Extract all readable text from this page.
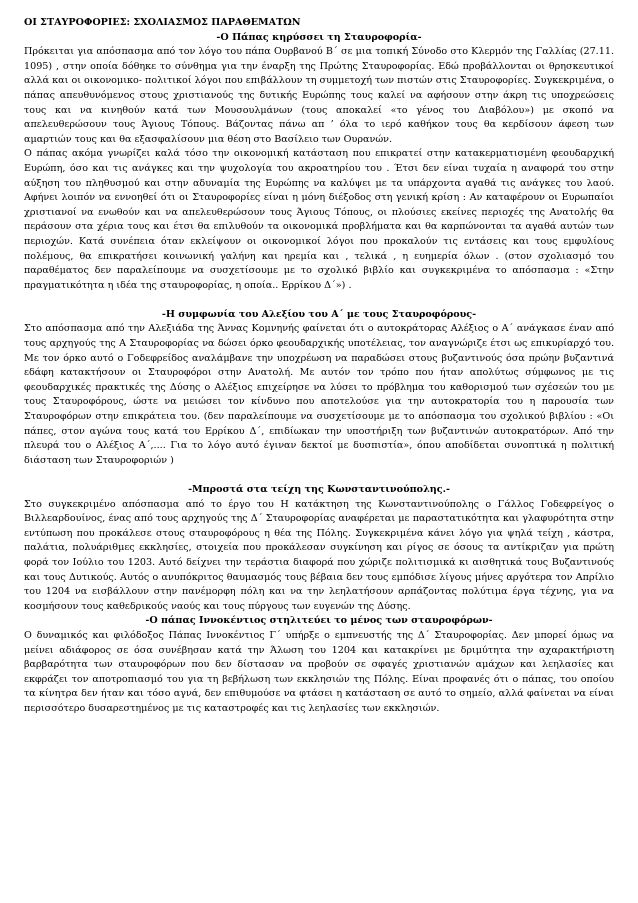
ΟΙ ΣΤΑΥΡΟΦΟΡΙΕΣ: ΣΧΟΛΙΑΣΜΟΣ ΠΑΡΑΘΕΜΑΤΩΝ

-Ο Πάπας κηρύσσει τη Σταυροφορία-

Πρόκειται για απόσπασμα από τον λόγο του πάπα Ουρβανού Β΄ σε μια τοπική Σύνοδο στο Κλερμόν της Γαλλίας (27.11. 1095) , στην οποία δόθηκε το σύνθημα για την έναρξη της Πρώτης Σταυροφορίας. Εδώ προβάλλονται οι θρησκευτικοί αλλά και οι οικονομικο- πολιτικοί λόγοι που επιβάλλουν τη συμμετοχή των πιστών στις Σταυροφορίες. Συγκεκριμένα, ο πάπας απευθυνόμενος στους χριστιανούς της δυτικής Ευρώπης τους καλεί να αφήσουν στην άκρη τις υποχρεώσεις τους και να κινηθούν κατά των Μουσουλμάνων (τους αποκαλεί «το γένος του Διαβόλου») με σκοπό να απελευθερώσουν τους Άγιους Τόπους. Βάζοντας πάνω απ ’ όλα το ιερό καθήκον τους θα κερδίσουν άφεση των αμαρτιών τους και θα εξασφαλίσουν μια θέση στο Βασίλειο των Ουρανών.

Ο πάπας ακόμα γνωρίζει καλά τόσο την οικονομική κατάσταση που επικρατεί στην κατακερματισμένη φεουδαρχική Ευρώπη, όσο και τις ανάγκες και την ψυχολογία του ακροατηρίου του . Έτσι δεν είναι τυχαία η αναφορά του στην αύξηση του πληθυσμού και στην αδυναμία της Ευρώπης να καλύψει με τα υπάρχοντα αγαθά τις ανάγκες του λαού. Αφήνει λοιπόν να εννοηθεί ότι οι Σταυροφορίες είναι η μόνη διέξοδος στη γενική κρίση : Αν καταφέρουν οι Ευρωπαίοι χριστιανοί να ενωθούν και να απελευθερώσουν τους Άγιους Τόπους, οι πλούσιες εκείνες περιοχές της Ανατολής θα περάσουν στα χέρια τους και έτσι θα επιλυθούν τα οικονομικά προβλήματα και θα καρπώνονται τα αγαθά αυτών των περιοχών. Κατά συνέπεια όταν εκλείψουν οι οικονομικοί λόγοι που προκαλούν τις εντάσεις και τους εμφυλίους πολέμους, θα επικρατήσει κοινωνική γαλήνη και ηρεμία και , τελικά , η ευημερία όλων . (στον σχολιασμό του παραθέματος δεν παραλείπουμε να συσχετίσουμε με το σχολικό βιβλίο και συγκεκριμένα το απόσπασμα : «Στην πραγματικότητα η ιδέα της σταυροφορίας, η οποία.. Ερρίκου Δ΄») .

-Η συμφωνία του Αλεξίου του Α΄ με τους Σταυροφόρους-

Στο απόσπασμα από την Αλεξιάδα της Άννας Κομνηνής φαίνεται ότι ο αυτοκράτορας Αλέξιος ο Α΄ ανάγκασε έναν από τους αρχηγούς της Α Σταυροφορίας να δώσει όρκο φεουδαρχικής υποτέλειας, τον αναγνώριζε έτσι ως επικυρίαρχό του. Με τον όρκο αυτό ο Γοδεφρείδος αναλάμβανε την υποχρέωση να παραδώσει στους βυζαντινούς όσα πρώην βυζαντινά εδάφη κατακτήσουν οι Σταυροφόροι στην Ανατολή. Με αυτόν τον τρόπο που ήταν απολύτως σύμφωνος με τις φεουδαρχικές πρακτικές της Δύσης ο Αλέξιος επιχείρησε να λύσει το πρόβλημα του καθορισμού των σχέσεών του με τους Σταυροφόρους, ώστε να μειώσει τον κίνδυνο που αποτελούσε για την αυτοκρατορία του η παρουσία των Σταυροφόρων στην επικράτεια του. (δεν παραλείπουμε να συσχετίσουμε με το απόσπασμα του σχολικού βιβλίου : «Οι πάπες, στον αγώνα τους κατά του Ερρίκου Δ΄, επιδίωκαν την υποστήριξη των βυζαντινών αυτοκρατόρων. Από την πλευρά του ο Αλέξιος Α΄,.... Για το λόγο αυτό έγιναν δεκτοί με δυσπιστία», όπου αποδίδεται συνοπτικά η πολιτική διάσταση των Σταυροφοριών )

-Μπροστά στα τείχη της Κωνσταντινούπολης.-

Στο συγκεκριμένο απόσπασμα από το έργο του Η κατάκτηση της Κωνσταντινούπολης ο Γάλλος Γοδεφρείγος ο Βιλλεαρδουίνος, ένας από τους αρχηγούς της Δ΄ Σταυροφορίας αναφέρεται με παραστατικότητα και γλαφυρότητα στην εντύπωση που προκάλεσε στους σταυροφόρους η θέα της Πόλης. Συγκεκριμένα κάνει λόγο για ψηλά τείχη , κάστρα, παλάτια, πολυάριθμες εκκλησίες, στοιχεία που προκάλεσαν συγκίνηση και ρίγος σε όσους τα αντίκριζαν για πρώτη φορά τον Ιούλιο του 1203. Αυτό δείχνει την τεράστια διαφορά που χώριζε πολιτισμικά κι αισθητικά τους Βυζαντινούς και τους Δυτικούς. Αυτός ο ανυπόκριτος θαυμασμός τους βέβαια δεν τους εμπόδισε λίγους μήνες αργότερα τον Απρίλιο του 1204 να εισβάλλουν στην πανέμορφη πόλη και να την λεηλατήσουν αρπάζοντας πολύτιμα έργα τέχνης, για να κοσμήσουν τους καθεδρικούς ναούς και τους πύργους των ευγενών της Δύσης.

-Ο πάπας Ιννοκέντιος στηλιτεύει το μένος των σταυροφόρων-

Ο δυναμικός και φιλόδοξος Πάπας Ιννοκέντιος Γ΄ υπήρξε ο εμπνευστής της Δ΄ Σταυροφορίας. Δεν μπορεί όμως να μείνει αδιάφορος σε όσα συνέβησαν κατά την Άλωση του 1204 και κατακρίνει με δριμύτητα την αχαρακτήριστη βαρβαρότητα των σταυροφόρων που δεν δίστασαν να προβούν σε σφαγές χριστιανών αμάχων και λεηλασίες και εκφράζει τον αποτροπιασμό του για τη βεβήλωση των εκκλησιών της Πόλης. Είναι προφανές ότι ο πάπας, του οποίου τα κίνητρα δεν ήταν και τόσο αγνά, δεν επιθυμούσε να φτάσει η κατάσταση σε αυτό το σημείο, αλλά φαίνεται να είναι περισσότερο δυσαρεστημένος με τις καταστροφές και τις λεηλασίες των εκκλησιών.
